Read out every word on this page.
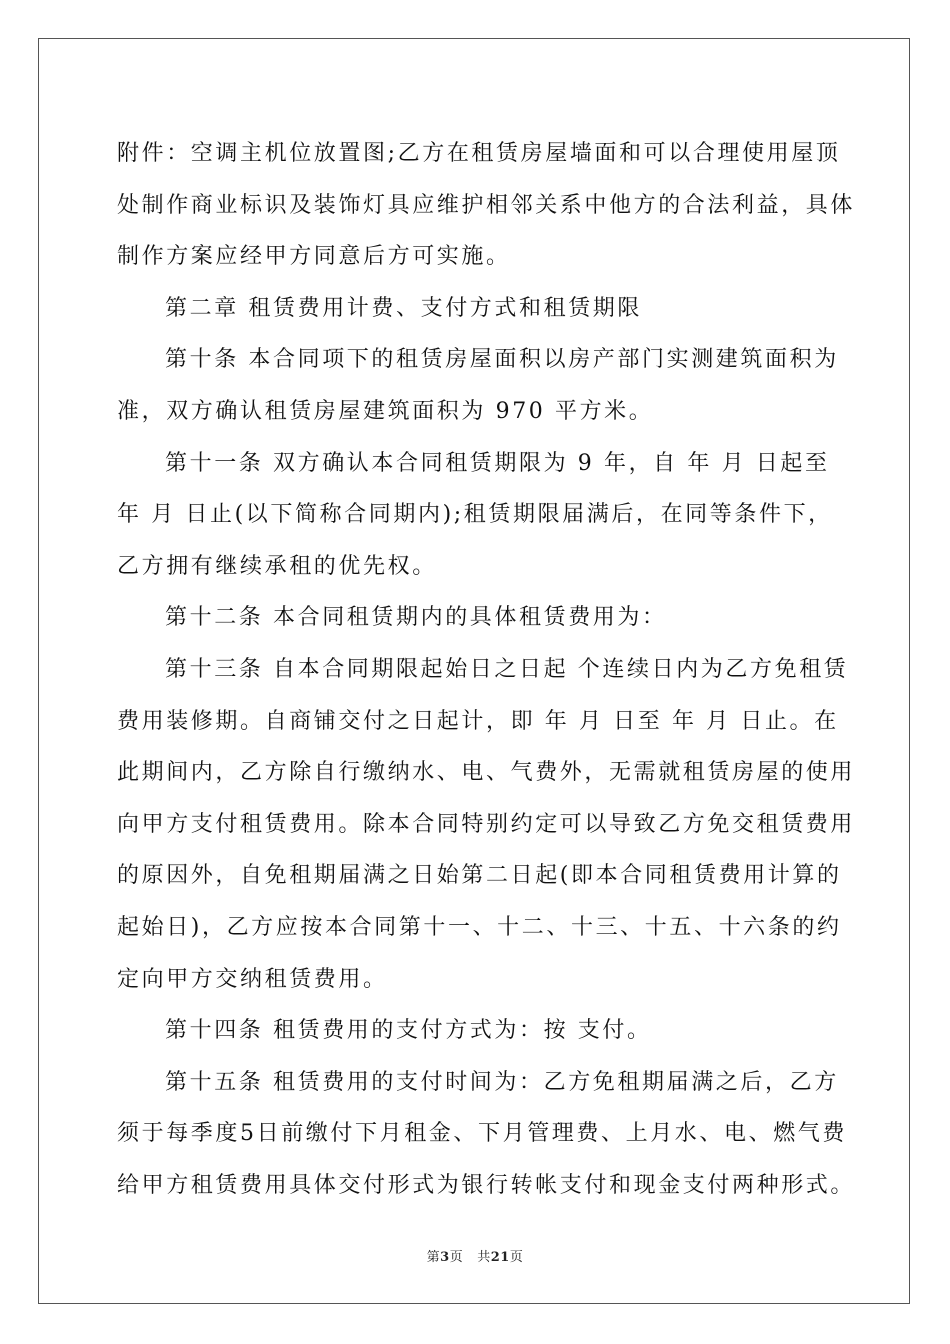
附件：空调主机位放置图;乙方在租赁房屋墙面和可以合理使用屋顶
处制作商业标识及装饰灯具应维护相邻关系中他方的合法利益，具体
制作方案应经甲方同意后方可实施。
第二章 租赁费用计费、支付方式和租赁期限
第十条 本合同项下的租赁房屋面积以房产部门实测建筑面积为
准，双方确认租赁房屋建筑面积为 970 平方米。
第十一条 双方确认本合同租赁期限为 9 年，自 年 月 日起至
年 月 日止(以下简称合同期内);租赁期限届满后，在同等条件下，
乙方拥有继续承租的优先权。
第十二条 本合同租赁期内的具体租赁费用为：
第十三条 自本合同期限起始日之日起 个连续日内为乙方免租赁
费用装修期。自商铺交付之日起计，即 年 月 日至 年 月 日止。在
此期间内，乙方除自行缴纳水、电、气费外，无需就租赁房屋的使用
向甲方支付租赁费用。除本合同特别约定可以导致乙方免交租赁费用
的原因外，自免租期届满之日始第二日起(即本合同租赁费用计算的
起始日)，乙方应按本合同第十一、十二、十三、十五、十六条的约
定向甲方交纳租赁费用。
第十四条 租赁费用的支付方式为：按 支付。
第十五条 租赁费用的支付时间为：乙方免租期届满之后，乙方
须于每季度5日前缴付下月租金、下月管理费、上月水、电、燃气费
给甲方租赁费用具体交付形式为银行转帐支付和现金支付两种形式。
第3页 共21页
